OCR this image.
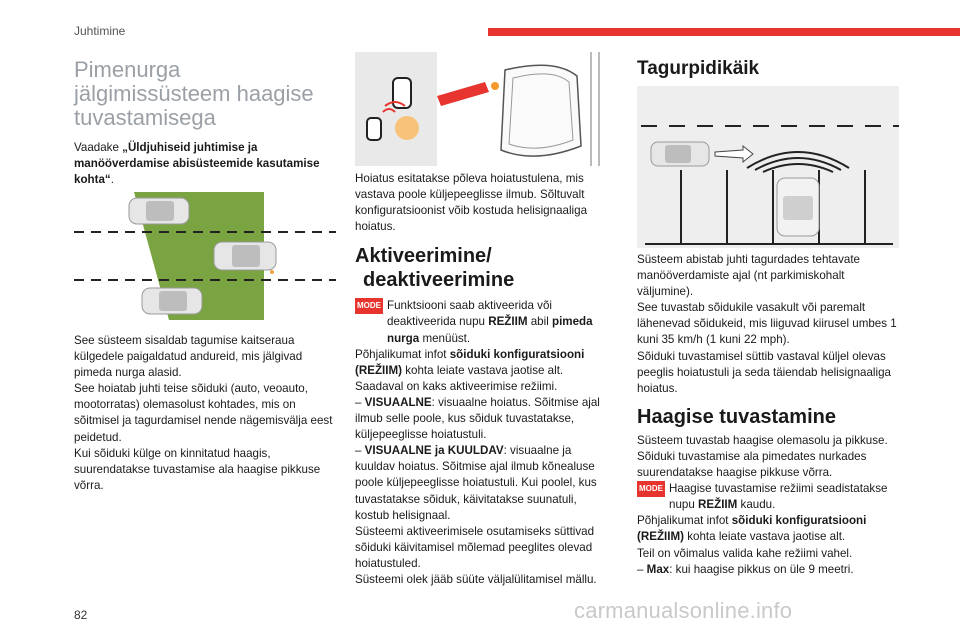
Juhtimine
Pimenurga jälgimissüsteem haagise tuvastamisega

Vaadake „Üldjuhiseid juhtimise ja manööverdamise abisüsteemide kasutamise kohta“.

See süsteem sisaldab tagumise kaitseraua külgedele paigaldatud andureid, mis jälgivad pimeda nurga alasid.

See hoiatab juhti teise sõiduki (auto, veoauto, mootorratas) olemasolust kohtades, mis on sõitmisel ja tagurdamisel nende nägemisvälja eest peidetud.

Kui sõiduki külge on kinnitatud haagis, suurendatakse tuvastamise ala haagise pikkuse võrra.

Hoiatus esitatakse põleva hoiatustulena, mis vastava poole küljepeeglisse ilmub. Sõltuvalt konfiguratsioonist võib kostuda helisignaaliga hoiatus.

Aktiveerimine/
deaktiveerimine
MODE Funktsiooni saab aktiveerida või deaktiveerida nupu REŽIIM abil pimeda nurga menüüst.

Põhjalikumat infot sõiduki konfiguratsiooni (REŽIIM) kohta leiate vastava jaotise alt.

Saadaval on kaks aktiveerimise režiimi.

– VISUAALNE: visuaalne hoiatus. Sõitmise ajal ilmub selle poole, kus sõiduk tuvastatakse, küljepeeglisse hoiatustuli.

– VISUAALNE ja KUULDAV: visuaalne ja kuuldav hoiatus. Sõitmise ajal ilmub kõnealuse poole küljepeeglisse hoiatustuli. Kui poolel, kus tuvastatakse sõiduk, käivitatakse suunatuli, kostub helisignaal.

Süsteemi aktiveerimisele osutamiseks süttivad sõiduki käivitamisel mõlemad peeglites olevad hoiatustuled.

Süsteemi olek jääb süüte väljalülitamisel mällu.

Tagurpidikäik

Süsteem abistab juhti tagurdades tehtavate manööverdamiste ajal (nt parkimiskohalt väljumine).

See tuvastab sõidukile vasakult või paremalt lähenevad sõidukeid, mis liiguvad kiirusel umbes 1 kuni 35 km/h (1 kuni 22 mph).

Sõiduki tuvastamisel süttib vastaval küljel olevas peeglis hoiatustuli ja seda täiendab helisignaaliga hoiatus.

Haagise tuvastamine

Süsteem tuvastab haagise olemasolu ja pikkuse. Sõiduki tuvastamise ala pimedates nurkades suurendatakse haagise pikkuse võrra.

MODE Haagise tuvastamise režiimi seadistatakse nupu REŽIIM kaudu.

Põhjalikumat infot sõiduki konfiguratsiooni (REŽIIM) kohta leiate vastava jaotise alt.

Teil on võimalus valida kahe režiimi vahel.

– Max: kui haagise pikkus on üle 9 meetri.

82	carmanualsonline.info
